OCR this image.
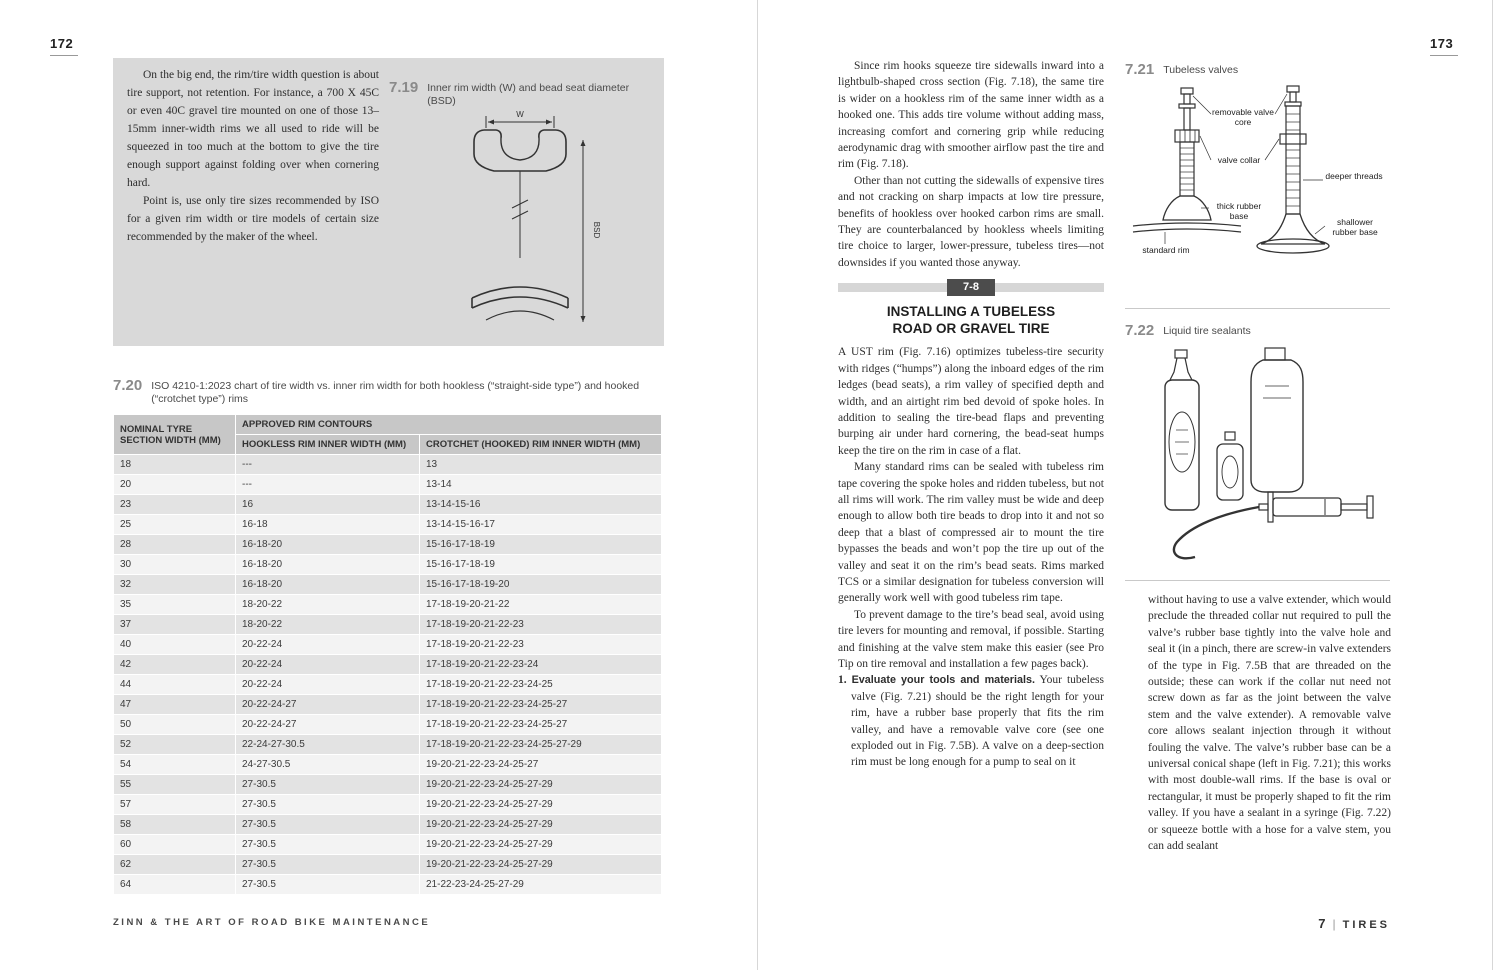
172

On the big end, the rim/tire width question is about tire support, not retention. For instance, a 700 X 45C or even 40C gravel tire mounted on one of those 13–15mm inner-width rims we all used to ride will be squeezed in too much at the bottom to give the tire enough support against folding over when cornering hard.

Point is, use only tire sizes recommended by ISO for a given rim width or tire models of certain size recommended by the maker of the wheel.

7.19 Inner rim width (W) and bead seat diameter (BSD)
W
BSD
7.20 ISO 4210-1:2023 chart of tire width vs. inner rim width for both hookless (“straight-side type”) and hooked (“crotchet type”) rims
NOMINAL TYRE SECTION WIDTH (MM)	APPROVED RIM CONTOURS	
	HOOKLESS RIM INNER WIDTH (MM)	CROTCHET (HOOKED) RIM INNER WIDTH (MM)
18	---	13
20	---	13-14
23	16	13-14-15-16
25	16-18	13-14-15-16-17
28	16-18-20	15-16-17-18-19
30	16-18-20	15-16-17-18-19
32	16-18-20	15-16-17-18-19-20
35	18-20-22	17-18-19-20-21-22
37	18-20-22	17-18-19-20-21-22-23
40	20-22-24	17-18-19-20-21-22-23
42	20-22-24	17-18-19-20-21-22-23-24
44	20-22-24	17-18-19-20-21-22-23-24-25
47	20-22-24-27	17-18-19-20-21-22-23-24-25-27
50	20-22-24-27	17-18-19-20-21-22-23-24-25-27
52	22-24-27-30.5	17-18-19-20-21-22-23-24-25-27-29
54	24-27-30.5	19-20-21-22-23-24-25-27
55	27-30.5	19-20-21-22-23-24-25-27-29
57	27-30.5	19-20-21-22-23-24-25-27-29
58	27-30.5	19-20-21-22-23-24-25-27-29
60	27-30.5	19-20-21-22-23-24-25-27-29
62	27-30.5	19-20-21-22-23-24-25-27-29
64	27-30.5	21-22-23-24-25-27-29
ZINN & THE ART OF ROAD BIKE MAINTENANCE
173

Since rim hooks squeeze tire sidewalls inward into a lightbulb-shaped cross section (Fig. 7.18), the same tire is wider on a hookless rim of the same inner width as a hooked one. This adds tire volume without adding mass, increasing comfort and cornering grip while reducing aerodynamic drag with smoother airflow past the tire and rim (Fig. 7.18).

Other than not cutting the sidewalls of expensive tires and not cracking on sharp impacts at low tire pressure, benefits of hookless over hooked carbon rims are small. They are counterbalanced by hookless wheels limiting tire choice to larger, lower-pressure, tubeless tires—not downsides if you wanted those anyway.

7-8
INSTALLING A TUBELESS
ROAD OR GRAVEL TIRE

A UST rim (Fig. 7.16) optimizes tubeless-tire security with ridges (“humps”) along the inboard edges of the rim ledges (bead seats), a rim valley of specified depth and width, and an airtight rim bed devoid of spoke holes. In addition to sealing the tire-bead flaps and preventing burping air under hard cornering, the bead-seat humps keep the tire on the rim in case of a flat.

Many standard rims can be sealed with tubeless rim tape covering the spoke holes and ridden tubeless, but not all rims will work. The rim valley must be wide and deep enough to allow both tire beads to drop into it and not so deep that a blast of compressed air to mount the tire bypasses the beads and won’t pop the tire up out of the valley and seat it on the rim’s bead seats. Rims marked TCS or a similar designation for tubeless conversion will generally work well with good tubeless rim tape.

To prevent damage to the tire’s bead seal, avoid using tire levers for mounting and removal, if possible. Starting and finishing at the valve stem make this easier (see Pro Tip on tire removal and installation a few pages back).

1. Evaluate your tools and materials. Your tubeless valve (Fig. 7.21) should be the right length for your rim, have a rubber base properly that fits the rim valley, and have a removable valve core (see one exploded out in Fig. 7.5B). A valve on a deep-section rim must be long enough for a pump to seal on it

7.21 Tubeless valves
removable valve core
valve collar
thick rubber base
standard rim
deeper threads
shallower rubber base
7.22 Liquid tire sealants

without having to use a valve extender, which would preclude the threaded collar nut required to pull the valve’s rubber base tightly into the valve hole and seal it (in a pinch, there are screw-in valve extenders of the type in Fig. 7.5B that are threaded on the outside; these can work if the collar nut need not screw down as far as the joint between the valve stem and the valve extender). A removable valve core allows sealant injection through it without fouling the valve. The valve’s rubber base can be a universal conical shape (left in Fig. 7.21); this works with most double-wall rims. If the base is oval or rectangular, it must be properly shaped to fit the rim valley. If you have a sealant in a syringe (Fig. 7.22) or squeeze bottle with a hose for a valve stem, you can add sealant

7 | TIRES
